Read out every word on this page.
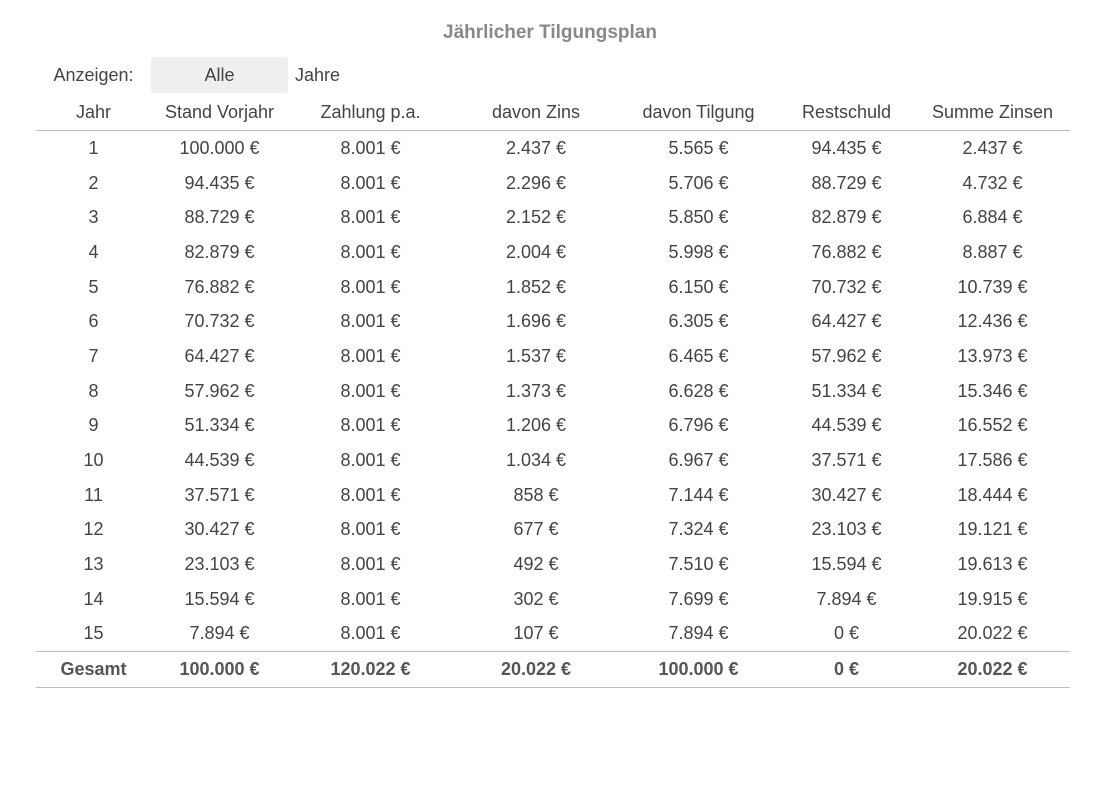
Jährlicher Tilgungsplan
Anzeigen:	Alle	Jahre
Jahr	Stand Vorjahr	Zahlung p.a.	davon Zins	davon Tilgung	Restschuld	Summe Zinsen
1	100.000 €	8.001 €	2.437 €	5.565 €	94.435 €	2.437 €
2	94.435 €	8.001 €	2.296 €	5.706 €	88.729 €	4.732 €
3	88.729 €	8.001 €	2.152 €	5.850 €	82.879 €	6.884 €
4	82.879 €	8.001 €	2.004 €	5.998 €	76.882 €	8.887 €
5	76.882 €	8.001 €	1.852 €	6.150 €	70.732 €	10.739 €
6	70.732 €	8.001 €	1.696 €	6.305 €	64.427 €	12.436 €
7	64.427 €	8.001 €	1.537 €	6.465 €	57.962 €	13.973 €
8	57.962 €	8.001 €	1.373 €	6.628 €	51.334 €	15.346 €
9	51.334 €	8.001 €	1.206 €	6.796 €	44.539 €	16.552 €
10	44.539 €	8.001 €	1.034 €	6.967 €	37.571 €	17.586 €
11	37.571 €	8.001 €	858 €	7.144 €	30.427 €	18.444 €
12	30.427 €	8.001 €	677 €	7.324 €	23.103 €	19.121 €
13	23.103 €	8.001 €	492 €	7.510 €	15.594 €	19.613 €
14	15.594 €	8.001 €	302 €	7.699 €	7.894 €	19.915 €
15	7.894 €	8.001 €	107 €	7.894 €	0 €	20.022 €
Gesamt	100.000 €	120.022 €	20.022 €	100.000 €	0 €	20.022 €
